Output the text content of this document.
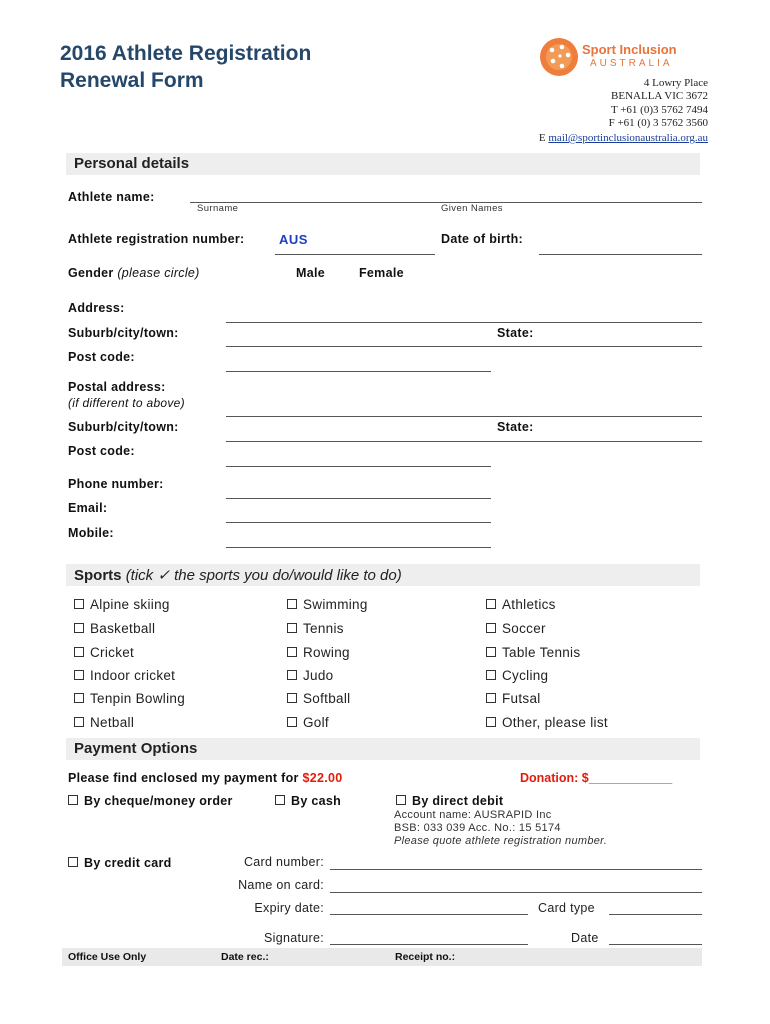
2016 Athlete Registration
Renewal Form
Sport Inclusion
AUSTRALIA
4 Lowry Place
BENALLA VIC 3672
T +61 (0)3 5762 7494
F +61 (0) 3 5762 3560
E mail@sportinclusionaustralia.org.au
Personal details
Athlete name:
Surname	Given Names
Athlete registration number:	AUS	Date of birth:
Gender (please circle)	Male	Female
Address:
Suburb/city/town:	State:
Post code:
Postal address:
(if different to above)
Suburb/city/town:	State:
Post code:
Phone number:
Email:
Mobile:
Sports (tick ✓ the sports you do/would like to do)
Alpine skiing
Basketball
Cricket
Indoor cricket
Tenpin Bowling
Netball
Swimming
Tennis
Rowing
Judo
Softball
Golf
Athletics
Soccer
Table Tennis
Cycling
Futsal
Other, please list
Payment Options
Please find enclosed my payment for $22.00	Donation: $____________
By cheque/money order	By cash	By direct debit
Account name: AUSRAPID Inc
BSB: 033 039 Acc. No.: 15 5174
Please quote athlete registration number.
By credit card	Card number:
Name on card:
Expiry date:	Card type
Signature:	Date
Office Use Only	Date rec.:	Receipt no.:
